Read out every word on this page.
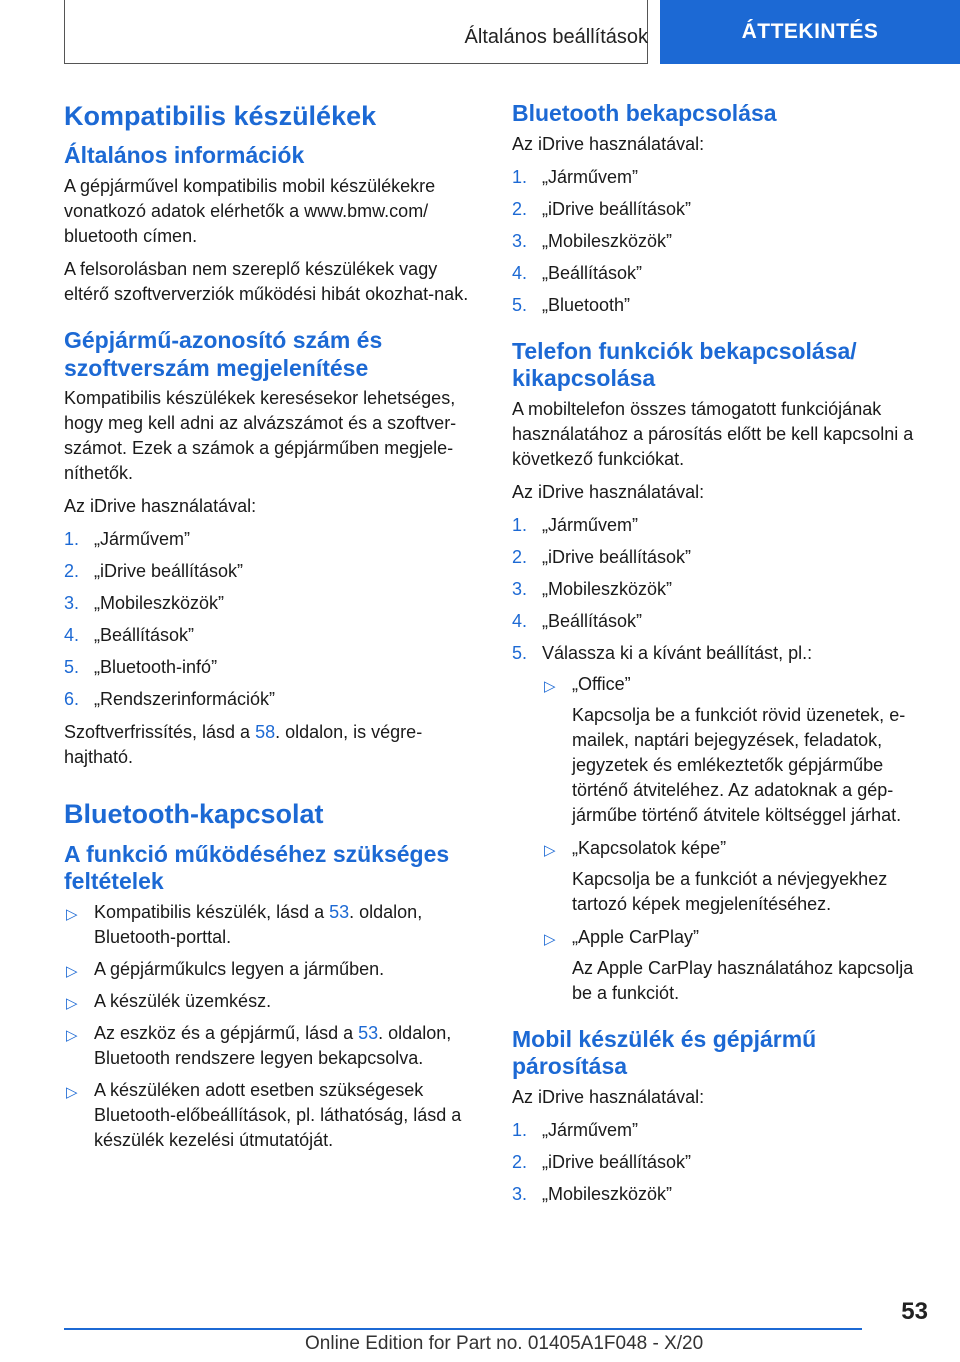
Általános beállítások	ÁTTEKINTÉS
Kompatibilis készülékek
Általános információk

A gépjárművel kompatibilis mobil készülékekre vonatkozó adatok elérhetők a www.bmw.com/ bluetooth címen.

A felsorolásban nem szereplő készülékek vagy eltérő szoftververziók működési hibát okozhat-nak.

Gépjármű-azonosító szám és szoftverszám megjelenítése

Kompatibilis készülékek keresésekor lehetséges, hogy meg kell adni az alvázszámot és a szoftver-számot. Ezek a számok a gépjárműben megjele-níthetők.

Az iDrive használatával:

1. „Járművem”
2. „iDrive beállítások”
3. „Mobileszközök”
4. „Beállítások”
5. „Bluetooth-infó”
6. „Rendszerinformációk”

Szoftverfrissítés, lásd a 58. oldalon, is végre-hajtható.

Bluetooth-kapcsolat
A funkció működéséhez szükséges feltételek
▷ Kompatibilis készülék, lásd a 53. oldalon, Bluetooth-porttal.
▷ A gépjárműkulcs legyen a járműben.
▷ A készülék üzemkész.
▷ Az eszköz és a gépjármű, lásd a 53. oldalon, Bluetooth rendszere legyen bekapcsolva.
▷ A készüléken adott esetben szükségesek Bluetooth-előbeállítások, pl. láthatóság, lásd a készülék kezelési útmutatóját.
Bluetooth bekapcsolása

Az iDrive használatával:

1. „Járművem”
2. „iDrive beállítások”
3. „Mobileszközök”
4. „Beállítások”
5. „Bluetooth”
Telefon funkciók bekapcsolása/ kikapcsolása

A mobiltelefon összes támogatott funkciójának használatához a párosítás előtt be kell kapcsolni a következő funkciókat.

Az iDrive használatával:

1. „Járművem”
2. „iDrive beállítások”
3. „Mobileszközök”
4. „Beállítások”
5. Válassza ki a kívánt beállítást, pl.:
▷ „Office”
Kapcsolja be a funkciót rövid üzenetek, e-mailek, naptári bejegyzések, feladatok, jegyzetek és emlékeztetők gépjárműbe történő átviteléhez. Az adatoknak a gép-járműbe történő átvitele költséggel járhat.
▷ „Kapcsolatok képe”
Kapcsolja be a funkciót a névjegyekhez tartozó képek megjelenítéséhez.
▷ „Apple CarPlay”
Az Apple CarPlay használatához kapcsolja be a funkciót.
Mobil készülék és gépjármű párosítása

Az iDrive használatával:

1. „Járművem”
2. „iDrive beállítások”
3. „Mobileszközök”
53
Online Edition for Part no. 01405A1F048 - X/20
